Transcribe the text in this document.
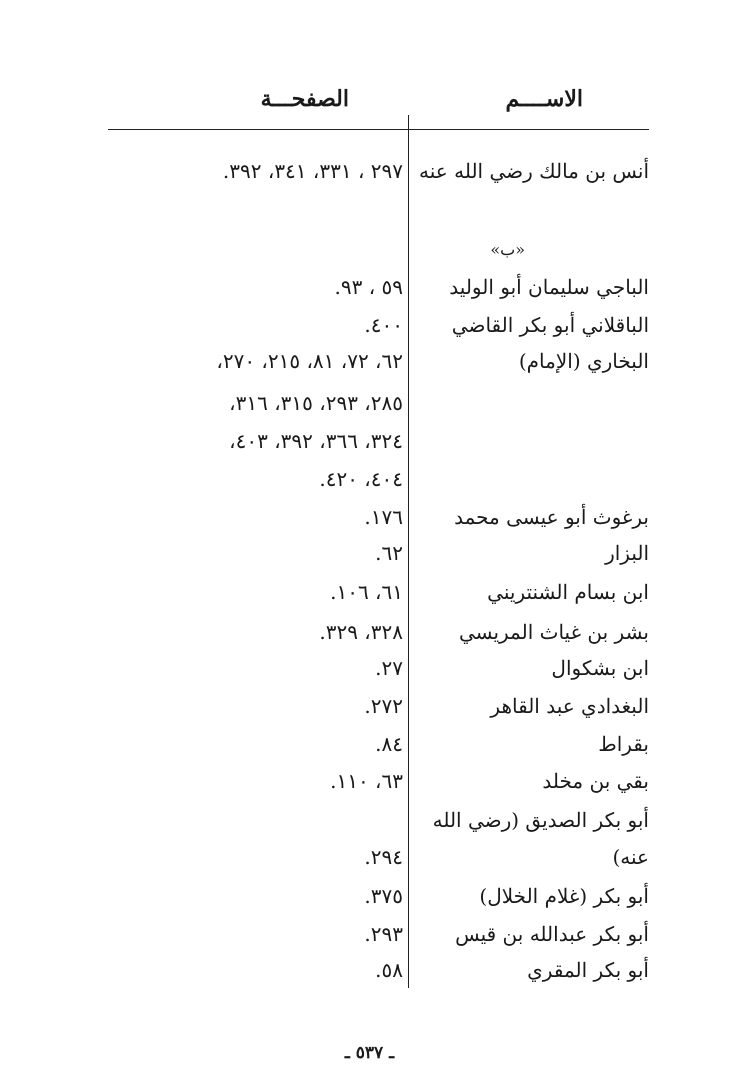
الاســــم
الصفحـــة
«ب»
أنس بن مالك رضي الله عنه
٢٩٧ ، ٣٣١، ٣٤١، ٣٩٢.
الباجي سليمان أبو الوليد
٥٩ ، ٩٣.
الباقلاني أبو بكر القاضي
٤٠٠.
البخاري (الإمام)
٦٢، ٧٢، ٨١، ٢١٥، ٢٧٠،
٢٨٥، ٢٩٣، ٣١٥، ٣١٦،
٣٢٤، ٣٦٦، ٣٩٢، ٤٠٣،
٤٠٤، ٤٢٠.
برغوث أبو عيسى محمد
١٧٦.
البزار
٦٢.
ابن بسام الشنتريني
٦١، ١٠٦.
بشر بن غياث المريسي
٣٢٨، ٣٢٩.
ابن بشكوال
٢٧.
البغدادي عبد القاهر
٢٧٢.
بقراط
٨٤.
بقي بن مخلد
٦٣، ١١٠.
أبو بكر الصديق (رضي الله
عنه)
٢٩٤.
أبو بكر (غلام الخلال)
٣٧٥.
أبو بكر عبدالله بن قيس
٢٩٣.
أبو بكر المقري
٥٨.
ـ ٥٣٧ ـ
